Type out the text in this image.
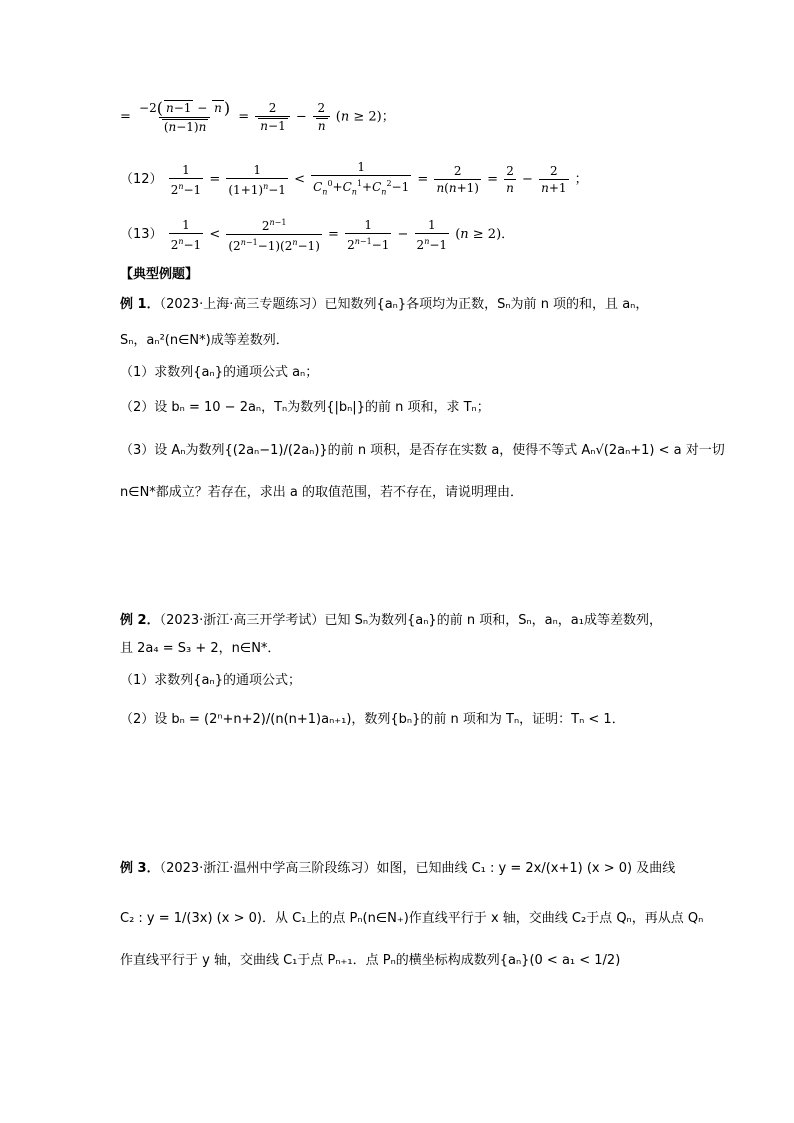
= $\frac{-2( n-1 - n )}{(n-1)n} = \frac{2}{n-1} - \frac{2}{n} (n \ge 2)$；
$(12) \frac{1}{2^n-1} = \frac{1}{(1+1)^n-1} < \frac{1}{C_n^0+C_n^1+C_n^2-1} = \frac{2}{n(n+1)} = \frac{2}{n} - \frac{2}{n+1}$ ；
$(13) \frac{1}{2^n-1} < \frac{2^{n-1}}{(2^{n-1}-1)(2^n-1)} = \frac{1}{2^{n-1}-1} - \frac{1}{2^n-1} (n \ge 2)$．
【典型例题】
例 1．（2023·上海·高三专题练习）已知数列{aₙ}各项均为正数，Sₙ为前 n 项的和，且 aₙ，
Sₙ，aₙ²(n∈N*)成等差数列．
（1）求数列{aₙ}的通项公式 aₙ；
（2）设 bₙ = 10 − 2aₙ，Tₙ为数列{|bₙ|}的前 n 项和，求 Tₙ；
（3）设 Aₙ为数列{(2aₙ−1)/(2aₙ)}的前 n 项积，是否存在实数 a，使得不等式 Aₙ√(2aₙ+1) < a 对一切
n∈N*都成立？若存在，求出 a 的取值范围，若不存在，请说明理由．
例 2．（2023·浙江·高三开学考试）已知 Sₙ为数列{aₙ}的前 n 项和，Sₙ，aₙ，a₁成等差数列，
且 2a₄ = S₃ + 2，n∈N*．
（1）求数列{aₙ}的通项公式；
（2）设 bₙ = (2ⁿ+n+2)/(n(n+1)aₙ₊₁)，数列{bₙ}的前 n 项和为 Tₙ，证明：Tₙ < 1．
例 3．（2023·浙江·温州中学高三阶段练习）如图，已知曲线 C₁ : y = 2x/(x+1) (x > 0) 及曲线
C₂ : y = 1/(3x) (x > 0)．从 C₁上的点 Pₙ(n∈N₊)作直线平行于 x 轴，交曲线 C₂于点 Qₙ，再从点 Qₙ
作直线平行于 y 轴，交曲线 C₁于点 Pₙ₊₁．点 Pₙ的横坐标构成数列{aₙ}(0 < a₁ < 1/2)
